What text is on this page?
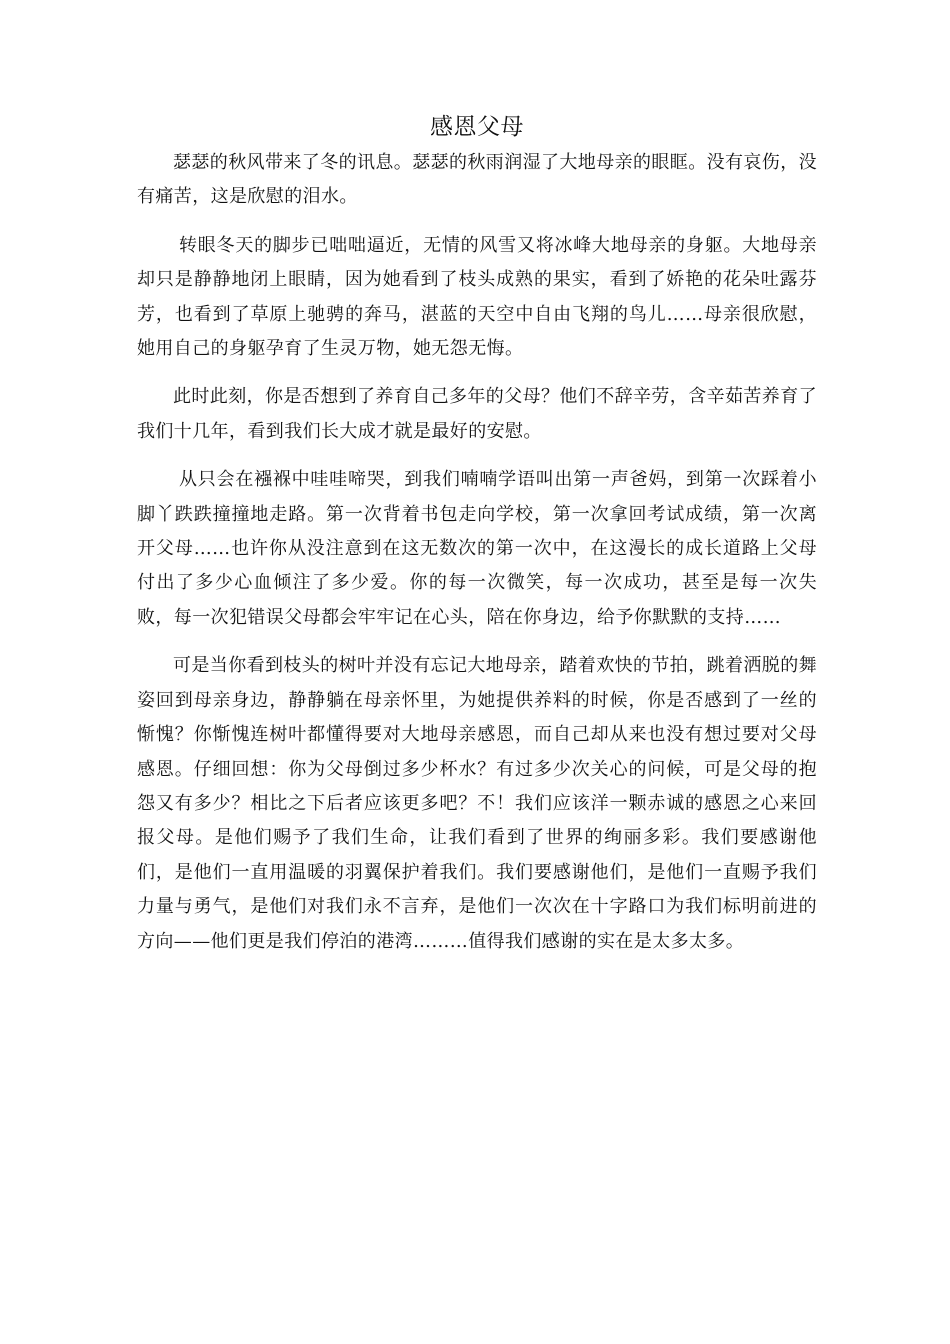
感恩父母

瑟瑟的秋风带来了冬的讯息。瑟瑟的秋雨润湿了大地母亲的眼眶。没有哀伤，没有痛苦，这是欣慰的泪水。

转眼冬天的脚步已咄咄逼近，无情的风雪又将冰峰大地母亲的身躯。大地母亲却只是静静地闭上眼睛，因为她看到了枝头成熟的果实，看到了娇艳的花朵吐露芬芳，也看到了草原上驰骋的奔马，湛蓝的天空中自由飞翔的鸟儿……母亲很欣慰，她用自己的身躯孕育了生灵万物，她无怨无悔。

此时此刻，你是否想到了养育自己多年的父母？他们不辞辛劳，含辛茹苦养育了我们十几年，看到我们长大成才就是最好的安慰。

从只会在襁褓中哇哇啼哭，到我们喃喃学语叫出第一声爸妈，到第一次踩着小脚丫跌跌撞撞地走路。第一次背着书包走向学校，第一次拿回考试成绩，第一次离开父母……也许你从没注意到在这无数次的第一次中，在这漫长的成长道路上父母付出了多少心血倾注了多少爱。你的每一次微笑，每一次成功，甚至是每一次失败，每一次犯错误父母都会牢牢记在心头，陪在你身边，给予你默默的支持……

可是当你看到枝头的树叶并没有忘记大地母亲，踏着欢快的节拍，跳着洒脱的舞姿回到母亲身边，静静躺在母亲怀里，为她提供养料的时候，你是否感到了一丝的惭愧？你惭愧连树叶都懂得要对大地母亲感恩，而自己却从来也没有想过要对父母感恩。仔细回想：你为父母倒过多少杯水？有过多少次关心的问候，可是父母的抱怨又有多少？相比之下后者应该更多吧？不！我们应该洋一颗赤诚的感恩之心来回报父母。是他们赐予了我们生命，让我们看到了世界的绚丽多彩。我们要感谢他们，是他们一直用温暖的羽翼保护着我们。我们要感谢他们，是他们一直赐予我们力量与勇气，是他们对我们永不言弃，是他们一次次在十字路口为我们标明前进的方向——他们更是我们停泊的港湾………值得我们感谢的实在是太多太多。
